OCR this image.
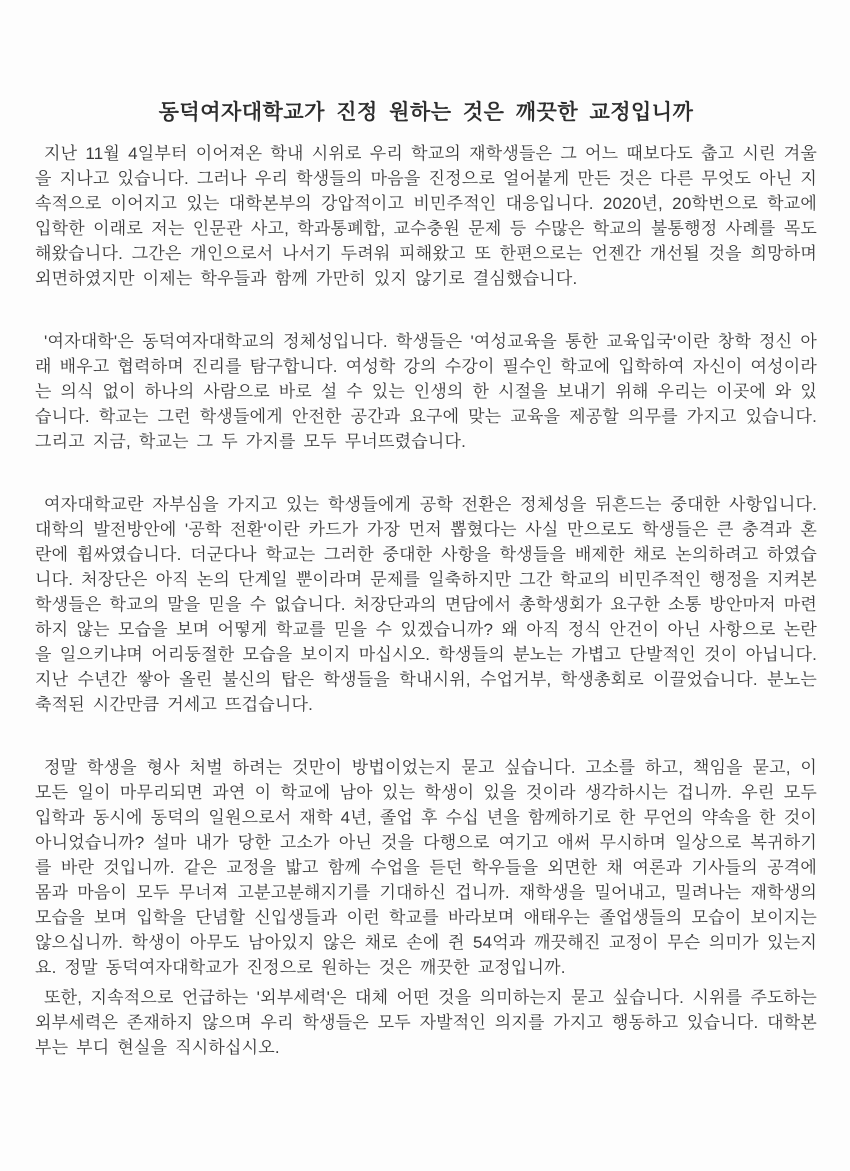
동덕여자대학교가 진정 원하는 것은 깨끗한 교정입니까

지난 11월 4일부터 이어져온 학내 시위로 우리 학교의 재학생들은 그 어느 때보다도 춥고 시린 겨울을 지나고 있습니다. 그러나 우리 학생들의 마음을 진정으로 얼어붙게 만든 것은 다른 무엇도 아닌 지속적으로 이어지고 있는 대학본부의 강압적이고 비민주적인 대응입니다. 2020년, 20학번으로 학교에 입학한 이래로 저는 인문관 사고, 학과통폐합, 교수충원 문제 등 수많은 학교의 불통행정 사례를 목도해왔습니다. 그간은 개인으로서 나서기 두려워 피해왔고 또 한편으로는 언젠간 개선될 것을 희망하며 외면하였지만 이제는 학우들과 함께 가만히 있지 않기로 결심했습니다.

'여자대학'은 동덕여자대학교의 정체성입니다. 학생들은 '여성교육을 통한 교육입국'이란 창학 정신 아래 배우고 협력하며 진리를 탐구합니다. 여성학 강의 수강이 필수인 학교에 입학하여 자신이 여성이라는 의식 없이 하나의 사람으로 바로 설 수 있는 인생의 한 시절을 보내기 위해 우리는 이곳에 와 있습니다. 학교는 그런 학생들에게 안전한 공간과 요구에 맞는 교육을 제공할 의무를 가지고 있습니다. 그리고 지금, 학교는 그 두 가지를 모두 무너뜨렸습니다.

여자대학교란 자부심을 가지고 있는 학생들에게 공학 전환은 정체성을 뒤흔드는 중대한 사항입니다. 대학의 발전방안에 '공학 전환'이란 카드가 가장 먼저 뽑혔다는 사실 만으로도 학생들은 큰 충격과 혼란에 휩싸였습니다. 더군다나 학교는 그러한 중대한 사항을 학생들을 배제한 채로 논의하려고 하였습니다. 처장단은 아직 논의 단계일 뿐이라며 문제를 일축하지만 그간 학교의 비민주적인 행정을 지켜본 학생들은 학교의 말을 믿을 수 없습니다. 처장단과의 면담에서 총학생회가 요구한 소통 방안마저 마련하지 않는 모습을 보며 어떻게 학교를 믿을 수 있겠습니까? 왜 아직 정식 안건이 아닌 사항으로 논란을 일으키냐며 어리둥절한 모습을 보이지 마십시오. 학생들의 분노는 가볍고 단발적인 것이 아닙니다. 지난 수년간 쌓아 올린 불신의 탑은 학생들을 학내시위, 수업거부, 학생총회로 이끌었습니다. 분노는 축적된 시간만큼 거세고 뜨겁습니다.

정말 학생을 형사 처벌 하려는 것만이 방법이었는지 묻고 싶습니다. 고소를 하고, 책임을 묻고, 이 모든 일이 마무리되면 과연 이 학교에 남아 있는 학생이 있을 것이라 생각하시는 겁니까. 우린 모두 입학과 동시에 동덕의 일원으로서 재학 4년, 졸업 후 수십 년을 함께하기로 한 무언의 약속을 한 것이 아니었습니까? 설마 내가 당한 고소가 아닌 것을 다행으로 여기고 애써 무시하며 일상으로 복귀하기를 바란 것입니까. 같은 교정을 밟고 함께 수업을 듣던 학우들을 외면한 채 여론과 기사들의 공격에 몸과 마음이 모두 무너져 고분고분해지기를 기대하신 겁니까. 재학생을 밀어내고, 밀려나는 재학생의 모습을 보며 입학을 단념할 신입생들과 이런 학교를 바라보며 애태우는 졸업생들의 모습이 보이지는 않으십니까. 학생이 아무도 남아있지 않은 채로 손에 쥔 54억과 깨끗해진 교정이 무슨 의미가 있는지요. 정말 동덕여자대학교가 진정으로 원하는 것은 깨끗한 교정입니까.

또한, 지속적으로 언급하는 '외부세력'은 대체 어떤 것을 의미하는지 묻고 싶습니다. 시위를 주도하는 외부세력은 존재하지 않으며 우리 학생들은 모두 자발적인 의지를 가지고 행동하고 있습니다. 대학본부는 부디 현실을 직시하십시오.
